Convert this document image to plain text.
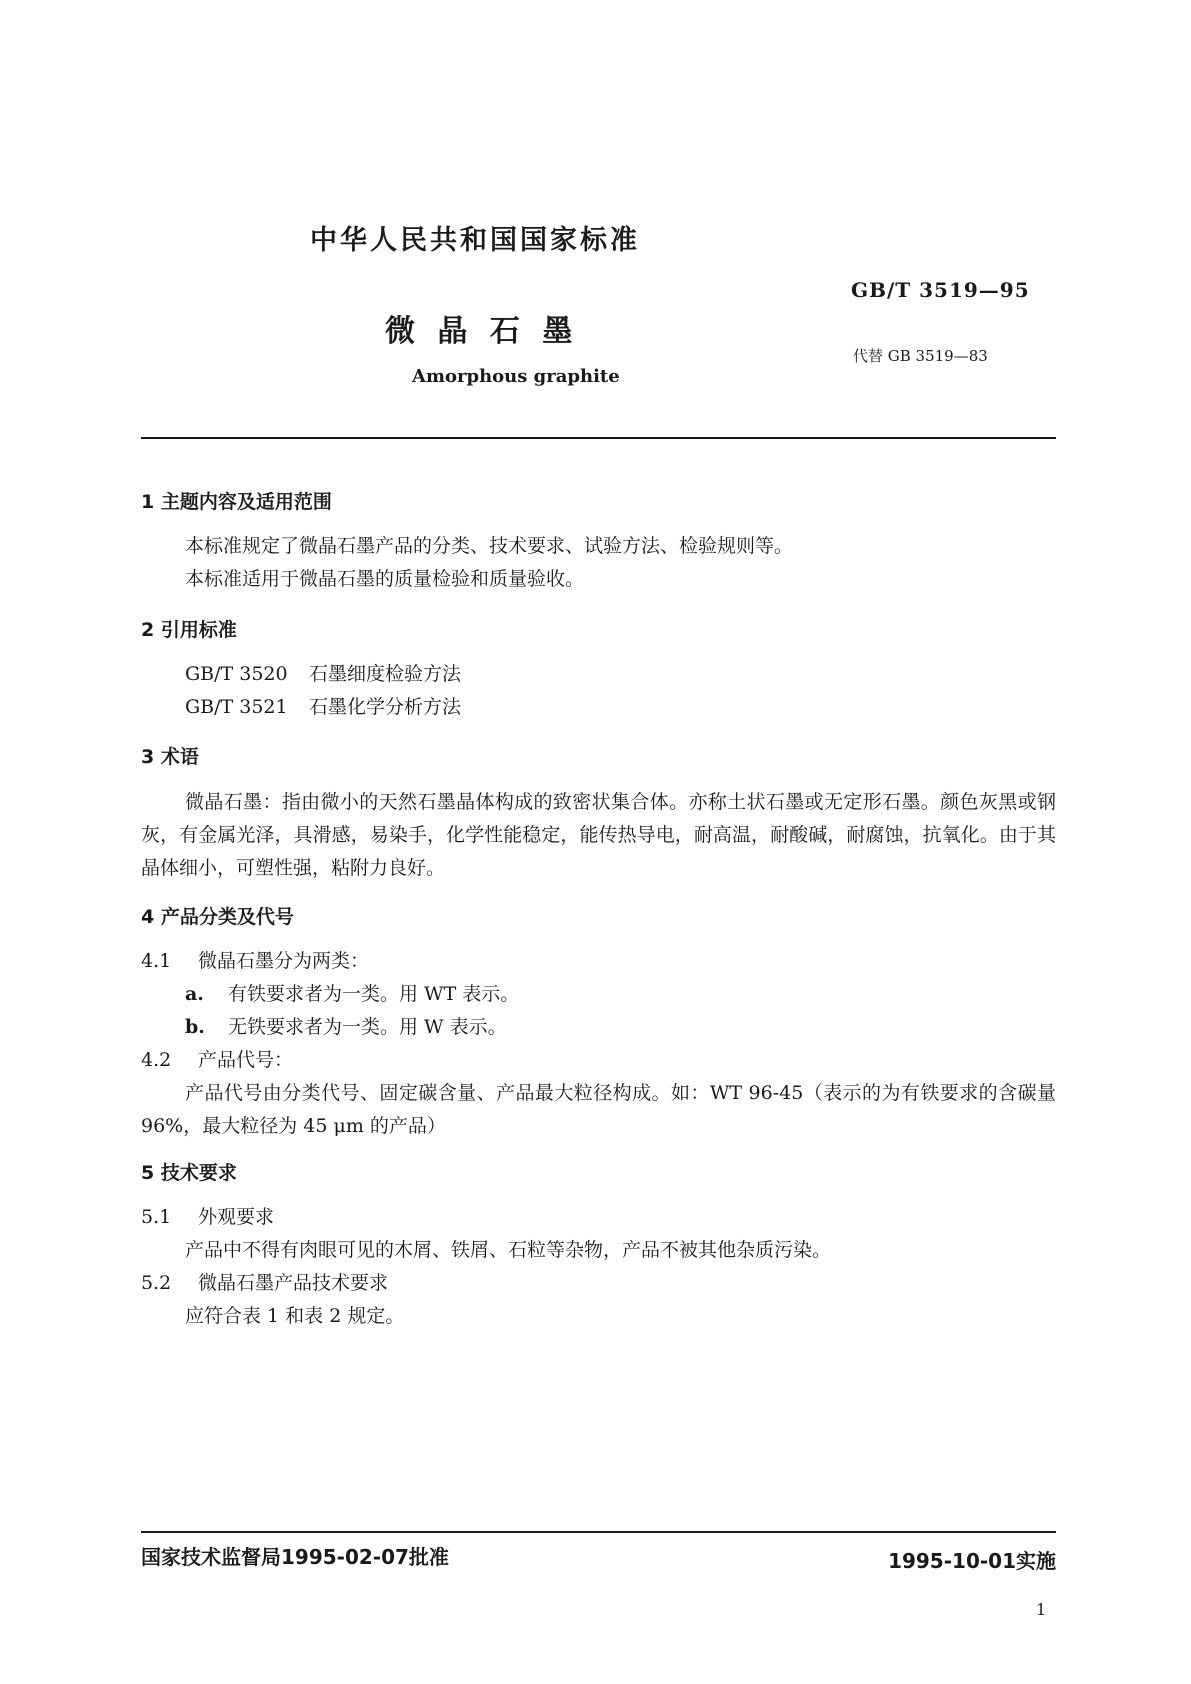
中华人民共和国国家标准
GB/T 3519—95
微 晶 石 墨
代替 GB 3519—83
Amorphous graphite
1 主题内容及适用范围
本标准规定了微晶石墨产品的分类、技术要求、试验方法、检验规则等。
本标准适用于微晶石墨的质量检验和质量验收。
2 引用标准
GB/T 3520 石墨细度检验方法
GB/T 3521 石墨化学分析方法
3 术语
微晶石墨：指由微小的天然石墨晶体构成的致密状集合体。亦称土状石墨或无定形石墨。颜色灰黑或钢灰，有金属光泽，具滑感，易染手，化学性能稳定，能传热导电，耐高温，耐酸碱，耐腐蚀，抗氧化。由于其晶体细小，可塑性强，粘附力良好。
4 产品分类及代号
4.1 微晶石墨分为两类：
a. 有铁要求者为一类。用 WT 表示。
b. 无铁要求者为一类。用 W 表示。
4.2 产品代号：
产品代号由分类代号、固定碳含量、产品最大粒径构成。如：WT 96-45（表示的为有铁要求的含碳量96%，最大粒径为 45 μm 的产品）
5 技术要求
5.1 外观要求
产品中不得有肉眼可见的木屑、铁屑、石粒等杂物，产品不被其他杂质污染。
5.2 微晶石墨产品技术要求
应符合表 1 和表 2 规定。
国家技术监督局1995-02-07批准	1995-10-01实施
1
